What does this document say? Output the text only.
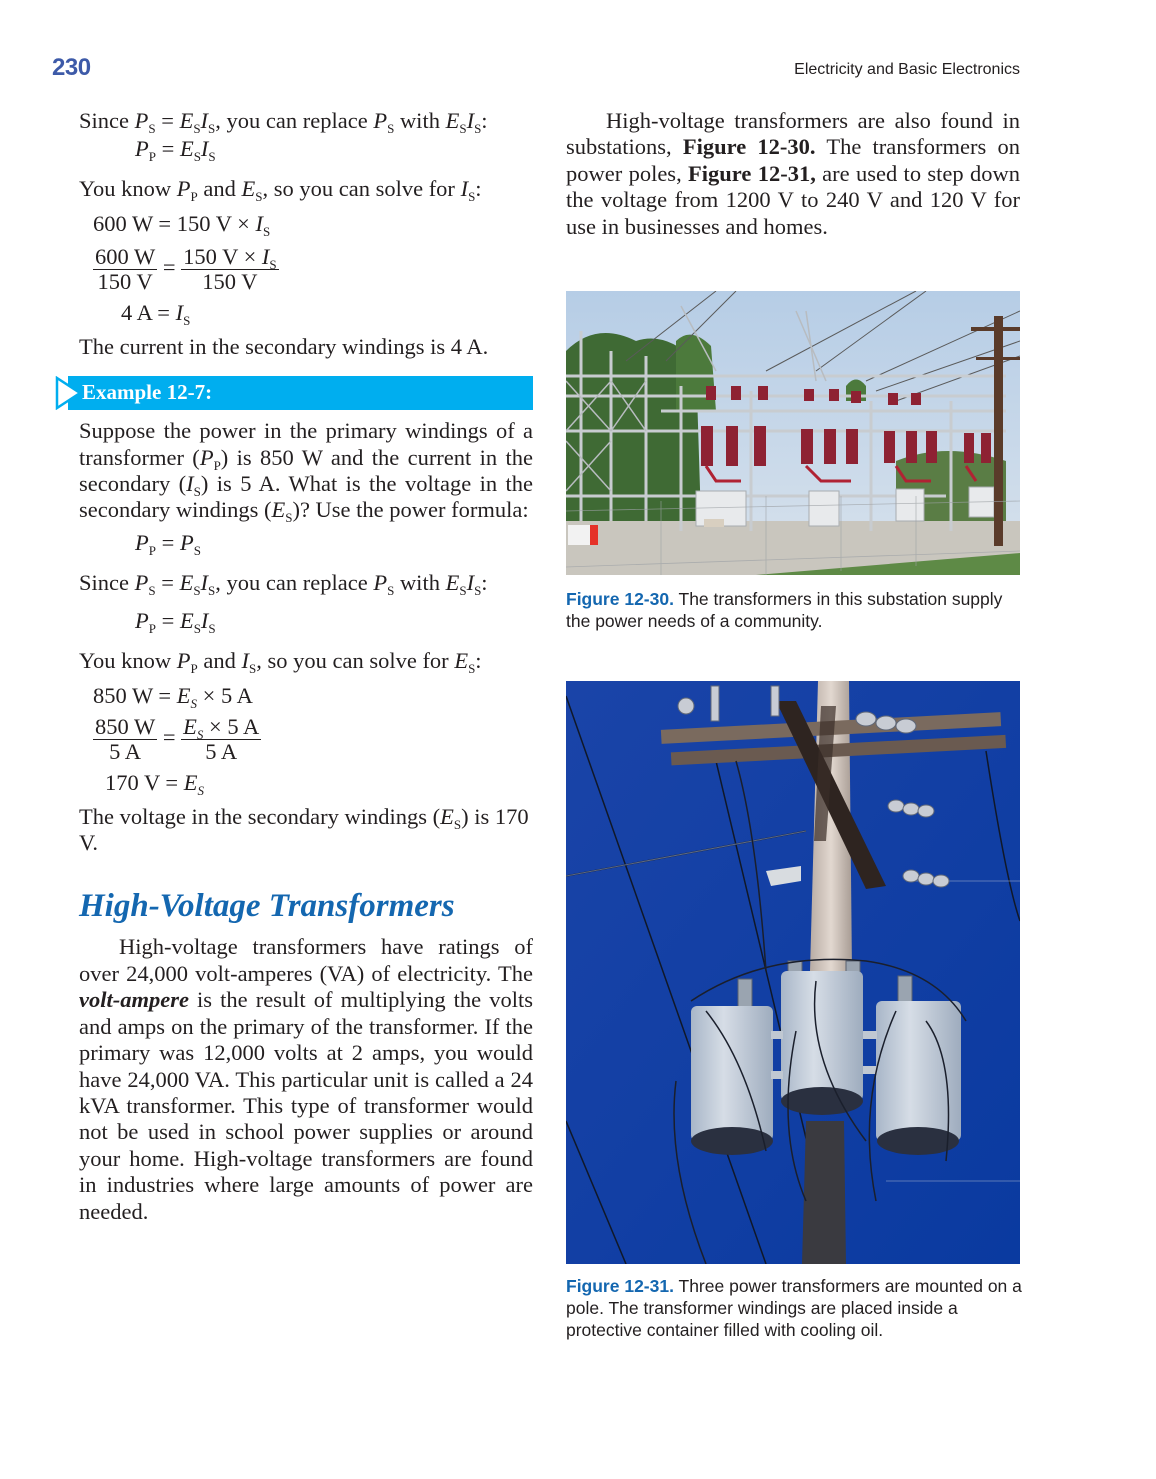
230	Electricity and Basic Electronics
Since $P_S = E_SI_S$, you can replace $P_S$ with $E_SI_S$:
$P_P = E_SI_S$
You know $P_P$ and $E_S$, so you can solve for $I_S$:
600 W = 150 $V \times I_S$
$\frac{600 W}{150 V} = \frac{150 V \times I_S}{150 V}$
4 $A = I_S$
The current in the secondary windings is 4 A.
Example 12-7:
Suppose the power in the primary windings of a transformer $(P_P)$ is 850 W and the current in the secondary $(I_S)$ is 5 A. What is the voltage in the secondary windings $(E_S)$? Use the power formula:
$P_P = P_S$
Since $P_S = E_SI_S$, you can replace $P_S$ with $E_SI_S$:
$P_P = E_SI_S$
You know $P_P$ and $I_S$, so you can solve for $E_S$:
850 $W = E_S \times 5$ A
$\frac{850 W}{5 A} = \frac{E_S \times 5 A}{5 A}$
170 $V = E_S$
The voltage in the secondary windings $(E_S)$ is 170 V.
High-Voltage Transformers
High-voltage transformers have ratings of over 24,000 volt-amperes (VA) of electricity. The volt-ampere is the result of multiplying the volts and amps on the primary of the transformer. If the primary was 12,000 volts at 2 amps, you would have 24,000 VA. This particular unit is called a 24 kVA transformer. This type of transformer would not be used in school power supplies or around your home. High-voltage transformers are found in industries where large amounts of power are needed.
High-voltage transformers are also found in substations, Figure 12-30. The transformers on power poles, Figure 12-31, are used to step down the voltage from 1200 V to 240 V and 120 V for use in businesses and homes.
Figure 12-30. The transformers in this substation supply the power needs of a community.
Figure 12-31. Three power transformers are mounted on a pole. The transformer windings are placed inside a protective container filled with cooling oil.
